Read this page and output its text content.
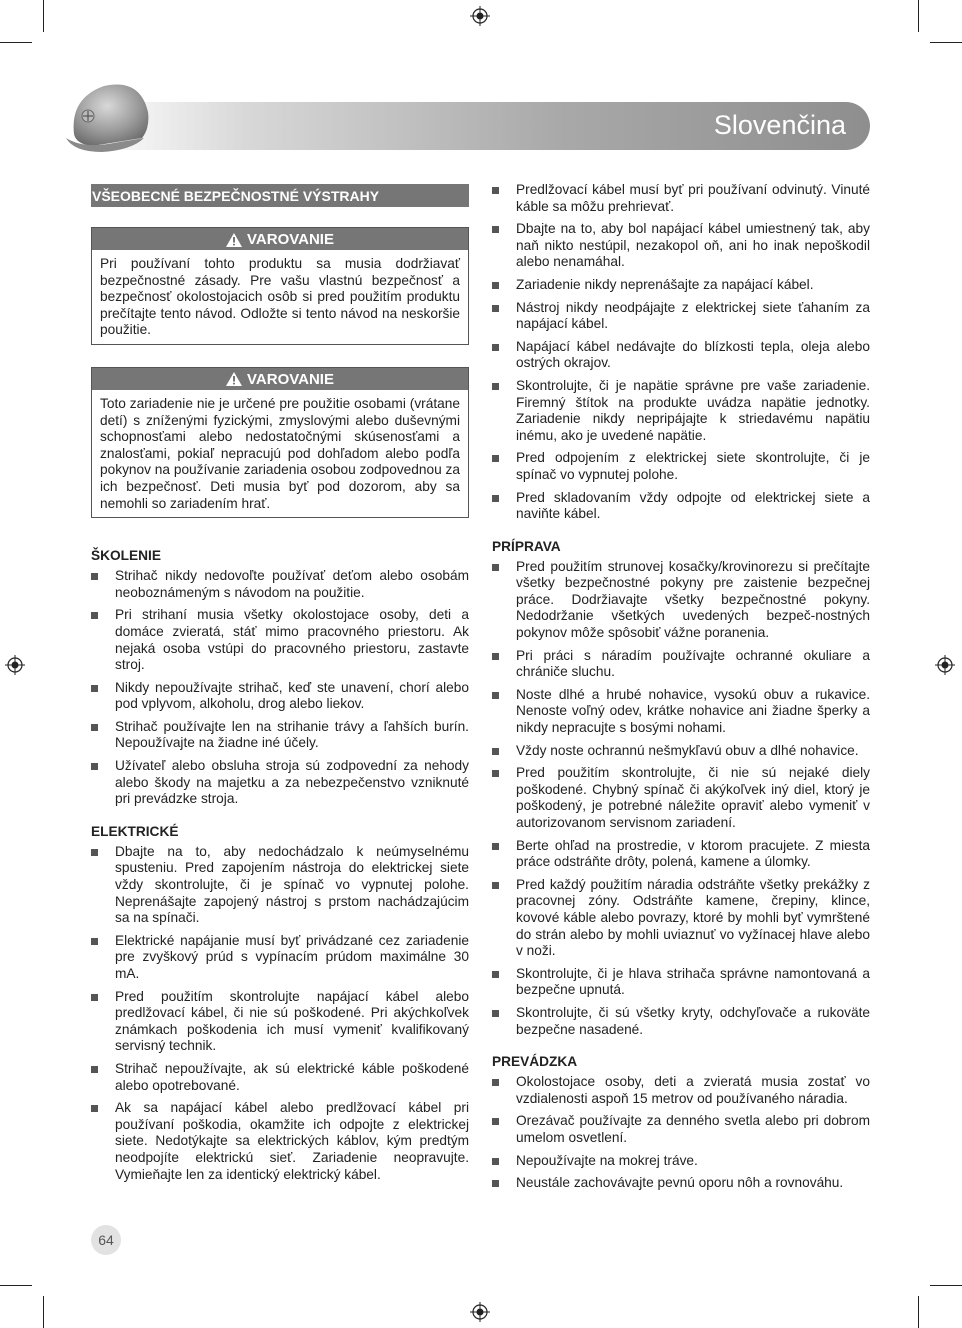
Slovenčina
VŠEOBECNÉ BEZPEČNOSTNÉ VÝSTRAHY
VAROVANIE
Pri používaní tohto produktu sa musia dodržiavať bezpečnostné zásady. Pre vašu vlastnú bezpečnosť a bezpečnosť okolostojacich osôb si pred použitím produktu prečítajte tento návod. Odložte si tento návod na neskoršie použitie.
VAROVANIE
Toto zariadenie nie je určené pre použitie osobami (vrátane detí) s zníženými fyzickými, zmyslovými alebo duševnými schopnosťami alebo nedostatočnými skúsenosťami a znalosťami, pokiaľ nepracujú pod dohľadom alebo podľa pokynov na používanie zariadenia osobou zodpovednou za ich bezpečnosť. Deti musia byť pod dozorom, aby sa nemohli so zariadením hrať.
ŠKOLENIE
Strihač nikdy nedovoľte používať deťom alebo osobám neoboznámeným s návodom na použitie.
Pri strihaní musia všetky okolostojace osoby, deti a domáce zvieratá, stáť mimo pracovného priestoru. Ak nejaká osoba vstúpi do pracovného priestoru, zastavte stroj.
Nikdy nepoužívajte strihač, keď ste unavení, chorí alebo pod vplyvom, alkoholu, drog alebo liekov.
Strihač používajte len na strihanie trávy a ľahších burín. Nepoužívajte na žiadne iné účely.
Užívateľ alebo obsluha stroja sú zodpovední za nehody alebo škody na majetku a za nebezpečenstvo vzniknuté pri prevádzke stroja.
ELEKTRICKÉ
Dbajte na to, aby nedochádzalo k neúmyselnému spusteniu. Pred zapojením nástroja do elektrickej siete vždy skontrolujte, či je spínač vo vypnutej polohe. Neprenášajte zapojený nástroj s prstom nachádzajúcim sa na spínači.
Elektrické napájanie musí byť privádzané cez zariadenie pre zvyškový prúd s vypínacím prúdom maximálne 30 mA.
Pred použitím skontrolujte napájací kábel alebo predlžovací kábel, či nie sú poškodené. Pri akýchkoľvek známkach poškodenia ich musí vymeniť kvalifikovaný servisný technik.
Strihač nepoužívajte, ak sú elektrické káble poškodené alebo opotrebované.
Ak sa napájací kábel alebo predlžovací kábel pri používaní poškodia, okamžite ich odpojte z elektrickej siete. Nedotýkajte sa elektrických káblov, kým predtým neodpojíte elektrickú sieť. Zariadenie neopravujte. Vymieňajte len za identický elektrický kábel.
Predlžovací kábel musí byť pri používaní odvinutý. Vinuté káble sa môžu prehrievať.
Dbajte na to, aby bol napájací kábel umiestnený tak, aby naň nikto nestúpil, nezakopol oň, ani ho inak nepoškodil alebo nenamáhal.
Zariadenie nikdy neprenášajte za napájací kábel.
Nástroj nikdy neodpájajte z elektrickej siete ťahaním za napájací kábel.
Napájací kábel nedávajte do blízkosti tepla, oleja alebo ostrých okrajov.
Skontrolujte, či je napätie správne pre vaše zariadenie. Firemný štítok na produkte uvádza napätie jednotky. Zariadenie nikdy nepripájajte k striedavému napätiu inému, ako je uvedené napätie.
Pred odpojením z elektrickej siete skontrolujte, či je spínač vo vypnutej polohe.
Pred skladovaním vždy odpojte od elektrickej siete a naviňte kábel.
PRÍPRAVA
Pred použitím strunovej kosačky/krovinorezu si prečítajte všetky bezpečnostné pokyny pre zaistenie bezpečnej práce. Dodržiavajte všetky bezpečnostné pokyny. Nedodržanie všetkých uvedených bezpeč-nostných pokynov môže spôsobiť vážne poranenia.
Pri práci s náradím používajte ochranné okuliare a chrániče sluchu.
Noste dlhé a hrubé nohavice, vysokú obuv a rukavice. Nenoste voľný odev, krátke nohavice ani žiadne šperky a nikdy nepracujte s bosými nohami.
Vždy noste ochrannú nešmykľavú obuv a dlhé nohavice.
Pred použitím skontrolujte, či nie sú nejaké diely poškodené. Chybný spínač či akýkoľvek iný diel, ktorý je poškodený, je potrebné náležite opraviť alebo vymeniť v autorizovanom servisnom zariadení.
Berte ohľad na prostredie, v ktorom pracujete. Z miesta práce odstráňte drôty, polená, kamene a úlomky.
Pred každý použitím náradia odstráňte všetky prekážky z pracovnej zóny. Odstráňte kamene, črepiny, klince, kovové káble alebo povrazy, ktoré by mohli byť vymrštené do strán alebo by mohli uviaznuť vo vyžínacej hlave alebo v noži.
Skontrolujte, či je hlava strihača správne namontovaná a bezpečne upnutá.
Skontrolujte, či sú všetky kryty, odchyľovače a rukoväte bezpečne nasadené.
PREVÁDZKA
Okolostojace osoby, deti a zvieratá musia zostať vo vzdialenosti aspoň 15 metrov od používaného náradia.
Orezávač používajte za denného svetla alebo pri dobrom umelom osvetlení.
Nepoužívajte na mokrej tráve.
Neustále zachovávajte pevnú oporu nôh a rovnováhu.
64
